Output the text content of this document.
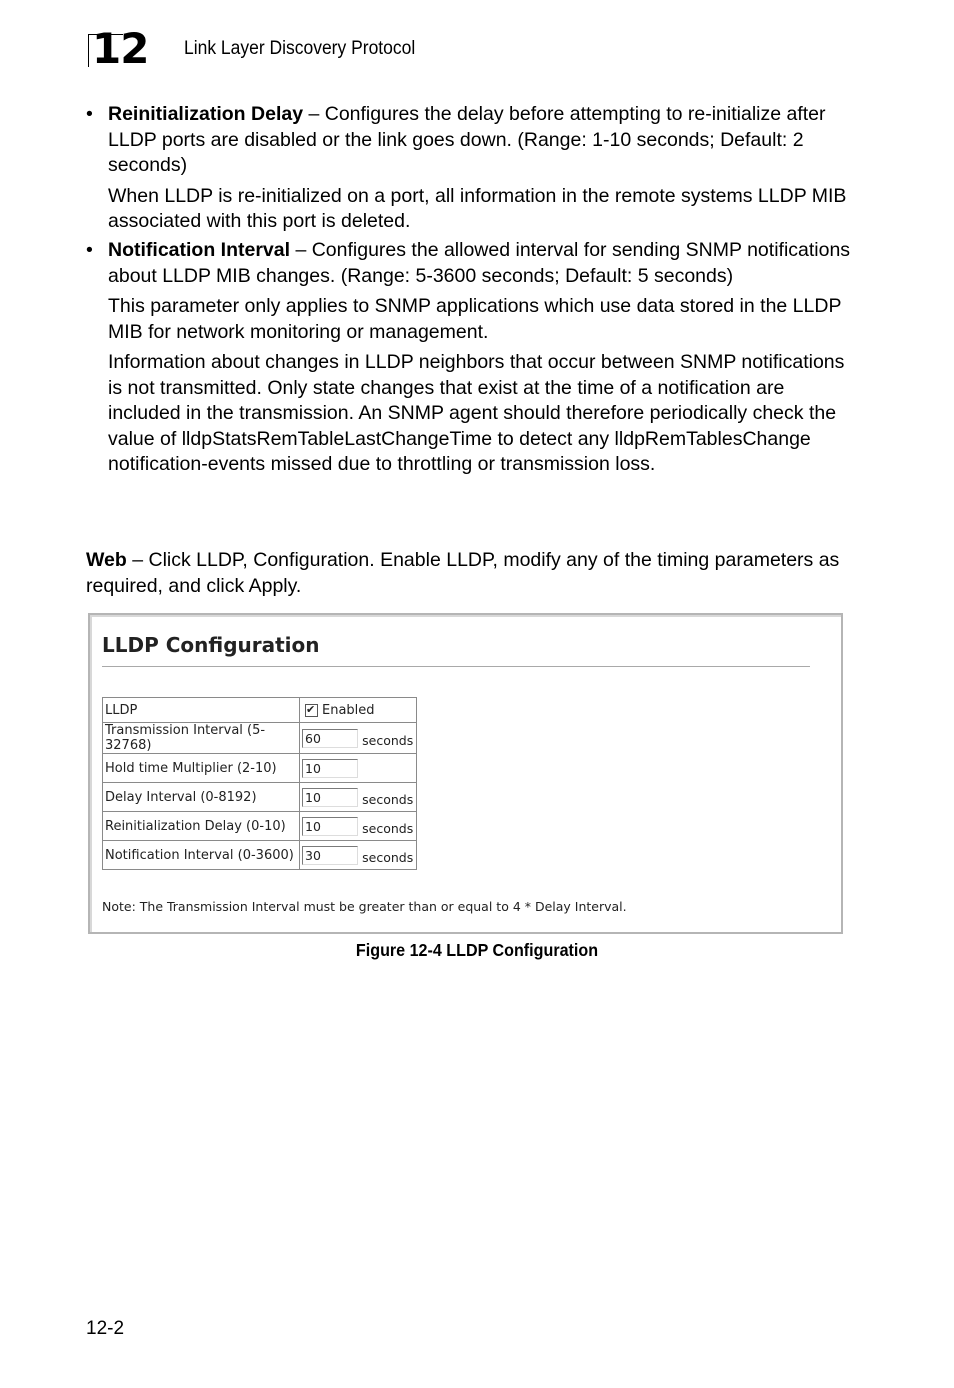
12 Link Layer Discovery Protocol
• Reinitialization Delay – Configures the delay before attempting to re-initialize after LLDP ports are disabled or the link goes down. (Range: 1-10 seconds; Default: 2 seconds)

When LLDP is re-initialized on a port, all information in the remote systems LLDP MIB associated with this port is deleted.

• Notification Interval – Configures the allowed interval for sending SNMP notifications about LLDP MIB changes. (Range: 5-3600 seconds; Default: 5 seconds)

This parameter only applies to SNMP applications which use data stored in the LLDP MIB for network monitoring or management.

Information about changes in LLDP neighbors that occur between SNMP notifications is not transmitted. Only state changes that exist at the time of a notification are included in the transmission. An SNMP agent should therefore periodically check the value of lldpStatsRemTableLastChangeTime to detect any lldpRemTablesChange notification-events missed due to throttling or transmission loss.

Web – Click LLDP, Configuration. Enable LLDP, modify any of the timing parameters as required, and click Apply.

LLDP Configuration
LLDP	✔Enabled
Transmission Interval (5-32768)	60 seconds
Hold time Multiplier (2-10)	10
Delay Interval (0-8192)	10 seconds
Reinitialization Delay (0-10)	10 seconds
Notification Interval (0-3600)	30 seconds
Note: The Transmission Interval must be greater than or equal to 4 * Delay Interval.
Figure 12-4 LLDP Configuration
12-2
